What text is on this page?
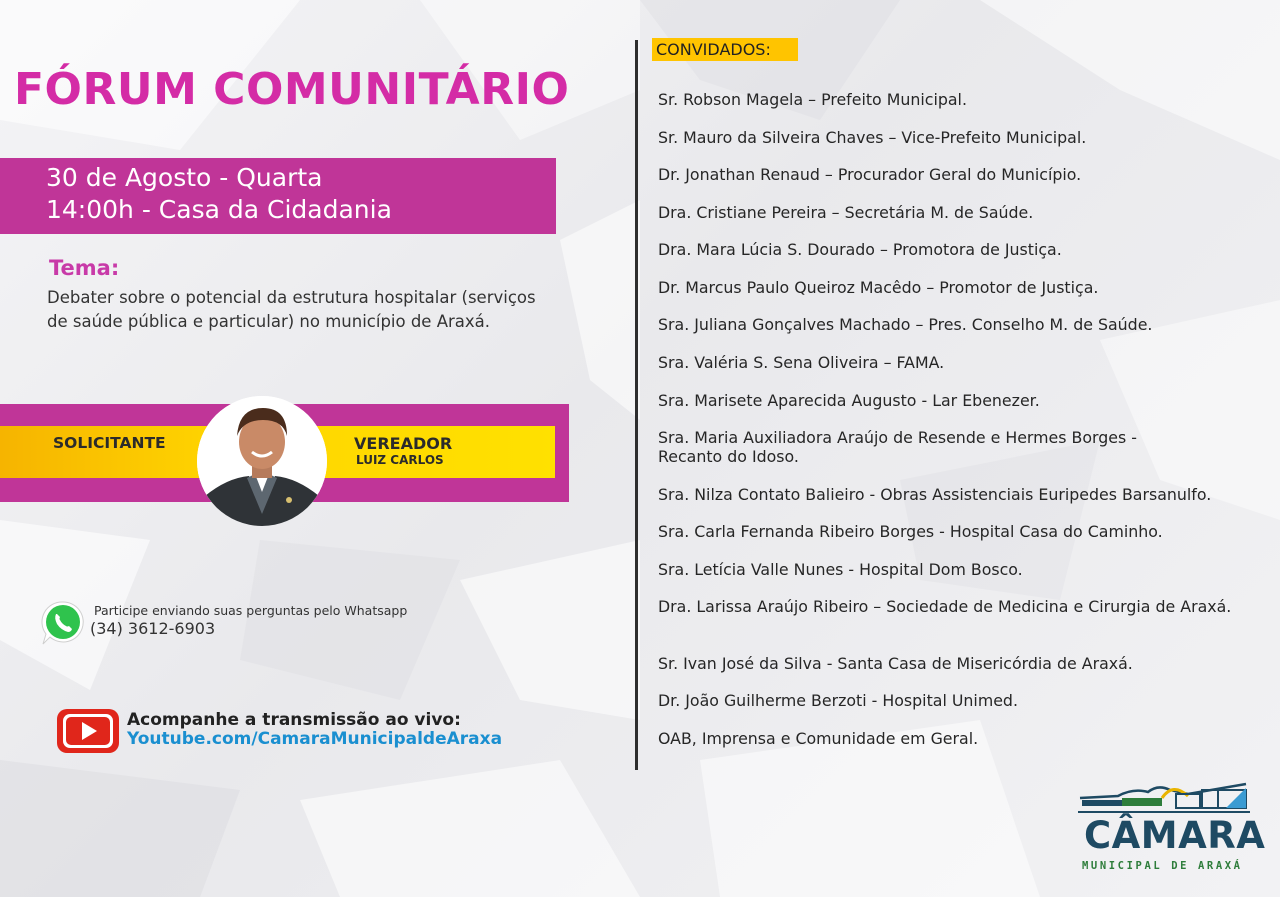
FÓRUM COMUNITÁRIO
30 de Agosto - Quarta
14:00h - Casa da Cidadania
Tema:
Debater sobre o potencial da estrutura hospitalar (serviços de saúde pública e particular) no município de Araxá.
SOLICITANTE	VEREADOR
LUIZ CARLOS
Participe enviando suas perguntas pelo Whatsapp
(34) 3612-6903
Acompanhe a transmissão ao vivo:
Youtube.com/CamaraMunicipaldeAraxa
CONVIDADOS:
Sr. Robson Magela – Prefeito Municipal.
Sr. Mauro da Silveira Chaves – Vice-Prefeito Municipal.
Dr. Jonathan Renaud – Procurador Geral do Município.
Dra. Cristiane Pereira – Secretária M. de Saúde.
Dra. Mara Lúcia S. Dourado – Promotora de Justiça.
Dr. Marcus Paulo Queiroz Macêdo – Promotor de Justiça.
Sra. Juliana Gonçalves Machado – Pres. Conselho M. de Saúde.
Sra. Valéria S. Sena Oliveira – FAMA.
Sra. Marisete Aparecida Augusto - Lar Ebenezer.
Sra. Maria Auxiliadora Araújo de Resende e Hermes Borges - Recanto do Idoso.
Sra. Nilza Contato Balieiro - Obras Assistenciais Euripedes Barsanulfo.
Sra. Carla Fernanda Ribeiro Borges - Hospital Casa do Caminho.
Sra. Letícia Valle Nunes - Hospital Dom Bosco.
Dra. Larissa Araújo Ribeiro – Sociedade de Medicina e Cirurgia de Araxá.
Sr. Ivan José da Silva - Santa Casa de Misericórdia de Araxá.
Dr. João Guilherme Berzoti - Hospital Unimed.
OAB, Imprensa e Comunidade em Geral.
CÂMARA
MUNICIPAL DE ARAXÁ
